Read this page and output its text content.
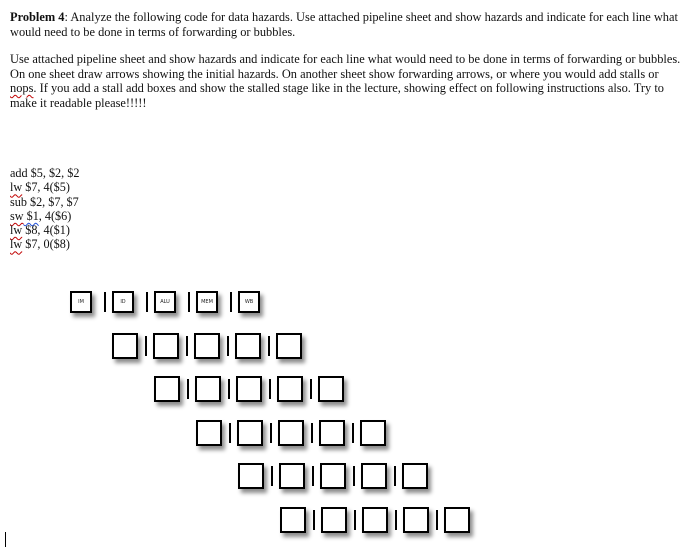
Problem 4: Analyze the following code for data hazards. Use attached pipeline sheet and show hazards and indicate for each line what would need to be done in terms of forwarding or bubbles.

Use attached pipeline sheet and show hazards and indicate for each line what would need to be done in terms of forwarding or bubbles. On one sheet draw arrows showing the initial hazards. On another sheet show forwarding arrows, or where you would add stalls or nops. If you add a stall add boxes and show the stalled stage like in the lecture, showing effect on following instructions also. Try to make it readable please!!!!!

add $5, $2, $2
lw $7, 4($5)
sub $2, $7, $7
sw $1, 4($6)
lw $8, 4($1)
lw $7, 0($8)
IM	ID	ALU	MEM	WB
